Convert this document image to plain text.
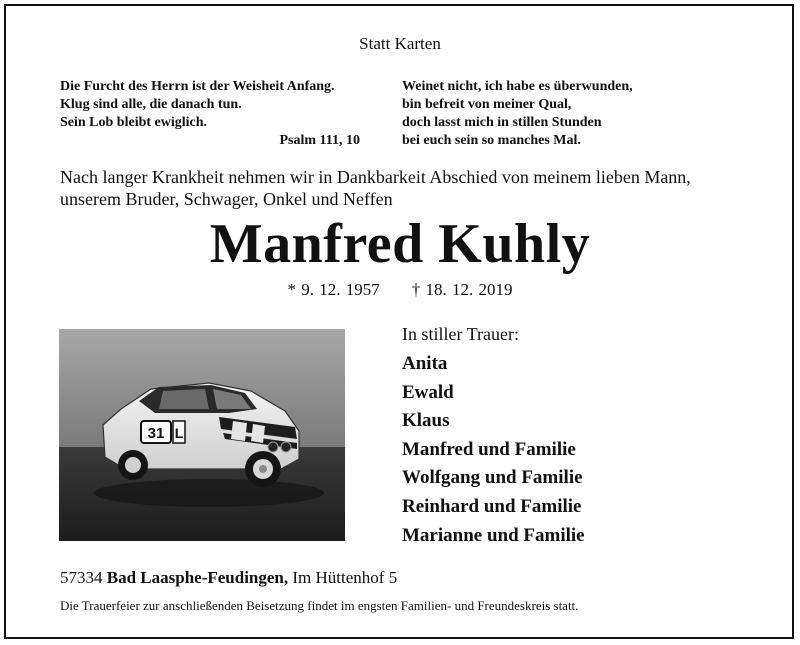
Statt Karten
Die Furcht des Herrn ist der Weisheit Anfang.
Klug sind alle, die danach tun.
Sein Lob bleibt ewiglich.
Psalm 111, 10
Weinet nicht, ich habe es überwunden,
bin befreit von meiner Qual,
doch lasst mich in stillen Stunden
bei euch sein so manches Mal.
Nach langer Krankheit nehmen wir in Dankbarkeit Abschied von meinem lieben Mann,
unserem Bruder, Schwager, Onkel und Neffen
Manfred Kuhly
* 9. 12. 1957 † 18. 12. 2019
31 L
In stiller Trauer:
Anita
Ewald
Klaus
Manfred und Familie
Wolfgang und Familie
Reinhard und Familie
Marianne und Familie
57334 Bad Laasphe-Feudingen, Im Hüttenhof 5
Die Trauerfeier zur anschließenden Beisetzung findet im engsten Familien- und Freundeskreis statt.
